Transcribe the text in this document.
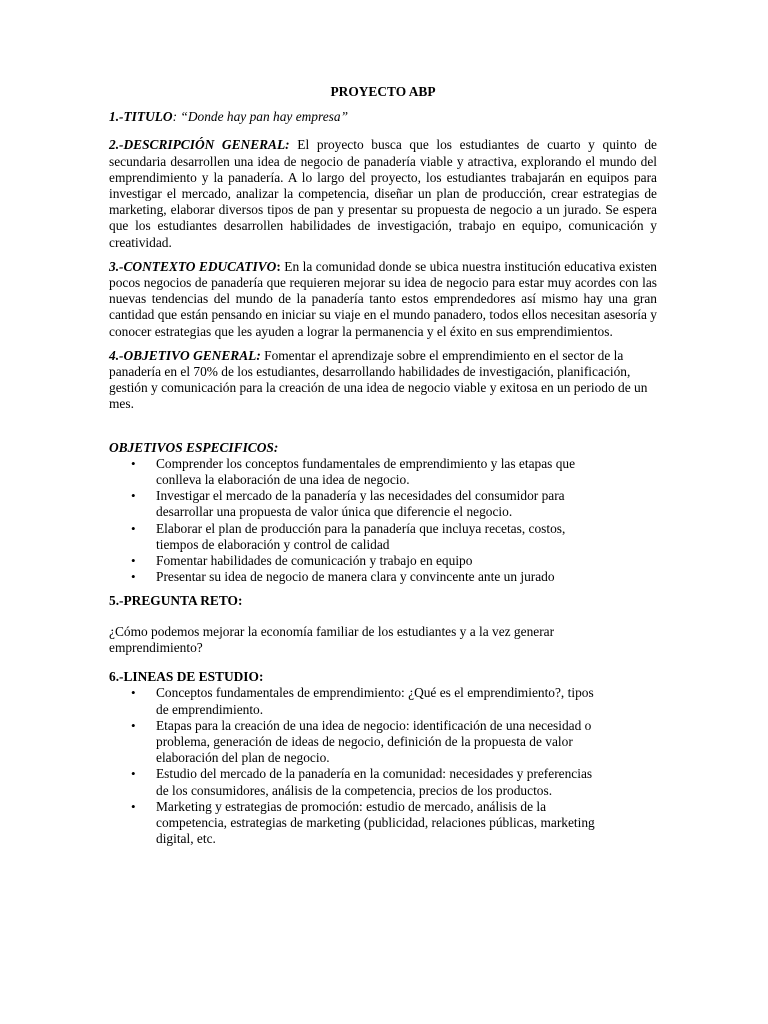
PROYECTO ABP

1.-TITULO: “Donde hay pan hay empresa”

2.-DESCRIPCIÓN GENERAL: El proyecto busca que los estudiantes de cuarto y quinto de secundaria desarrollen una idea de negocio de panadería viable y atractiva, explorando el mundo del emprendimiento y la panadería. A lo largo del proyecto, los estudiantes trabajarán en equipos para investigar el mercado, analizar la competencia, diseñar un plan de producción, crear estrategias de marketing, elaborar diversos tipos de pan y presentar su propuesta de negocio a un jurado. Se espera que los estudiantes desarrollen habilidades de investigación, trabajo en equipo, comunicación y creatividad.

3.-CONTEXTO EDUCATIVO: En la comunidad donde se ubica nuestra institución educativa existen pocos negocios de panadería que requieren mejorar su idea de negocio para estar muy acordes con las nuevas tendencias del mundo de la panadería tanto estos emprendedores así mismo hay una gran cantidad que están pensando en iniciar su viaje en el mundo panadero, todos ellos necesitan asesoría y conocer estrategias que les ayuden a lograr la permanencia y el éxito en sus emprendimientos.

4.-OBJETIVO GENERAL: Fomentar el aprendizaje sobre el emprendimiento en el sector de la panadería en el 70% de los estudiantes, desarrollando habilidades de investigación, planificación, gestión y comunicación para la creación de una idea de negocio viable y exitosa en un periodo de un mes.

OBJETIVOS ESPECIFICOS:

• Comprender los conceptos fundamentales de emprendimiento y las etapas que conlleva la elaboración de una idea de negocio.
• Investigar el mercado de la panadería y las necesidades del consumidor para desarrollar una propuesta de valor única que diferencie el negocio.
• Elaborar el plan de producción para la panadería que incluya recetas, costos, tiempos de elaboración y control de calidad
• Fomentar habilidades de comunicación y trabajo en equipo
• Presentar su idea de negocio de manera clara y convincente ante un jurado

5.-PREGUNTA RETO:

¿Cómo podemos mejorar la economía familiar de los estudiantes y a la vez generar emprendimiento?

6.-LINEAS DE ESTUDIO:

• Conceptos fundamentales de emprendimiento: ¿Qué es el emprendimiento?, tipos de emprendimiento.
• Etapas para la creación de una idea de negocio: identificación de una necesidad o problema, generación de ideas de negocio, definición de la propuesta de valor elaboración del plan de negocio.
• Estudio del mercado de la panadería en la comunidad: necesidades y preferencias de los consumidores, análisis de la competencia, precios de los productos.
• Marketing y estrategias de promoción: estudio de mercado, análisis de la competencia, estrategias de marketing (publicidad, relaciones públicas, marketing digital, etc.
